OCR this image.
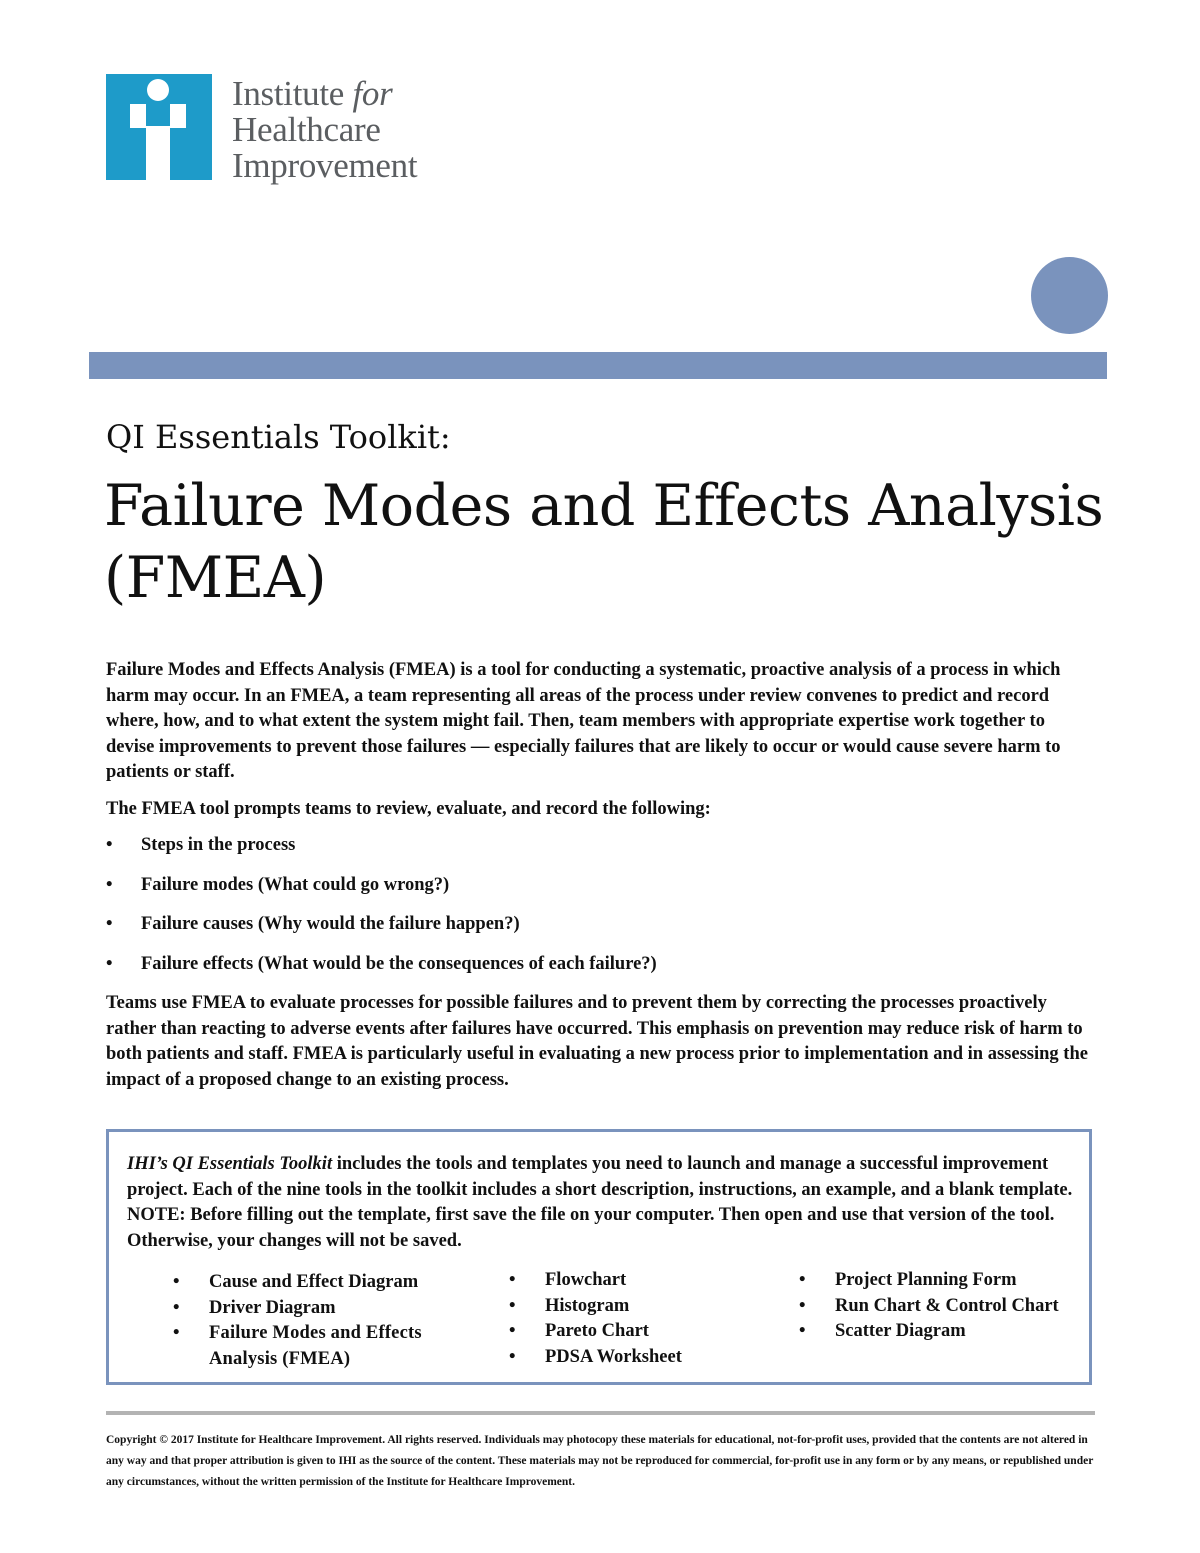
Institute for
Healthcare
Improvement
QI Essentials Toolkit:
Failure Modes and Effects Analysis (FMEA)

Failure Modes and Effects Analysis (FMEA) is a tool for conducting a systematic, proactive analysis of a process in which harm may occur. In an FMEA, a team representing all areas of the process under review convenes to predict and record where, how, and to what extent the system might fail. Then, team members with appropriate expertise work together to devise improvements to prevent those failures — especially failures that are likely to occur or would cause severe harm to patients or staff.

The FMEA tool prompts teams to review, evaluate, and record the following:

• Steps in the process
• Failure modes (What could go wrong?)
• Failure causes (Why would the failure happen?)
• Failure effects (What would be the consequences of each failure?)

Teams use FMEA to evaluate processes for possible failures and to prevent them by correcting the processes proactively rather than reacting to adverse events after failures have occurred. This emphasis on prevention may reduce risk of harm to both patients and staff. FMEA is particularly useful in evaluating a new process prior to implementation and in assessing the impact of a proposed change to an existing process.

IHI’s QI Essentials Toolkit includes the tools and templates you need to launch and manage a successful improvement project. Each of the nine tools in the toolkit includes a short description, instructions, an example, and a blank template. NOTE: Before filling out the template, first save the file on your computer. Then open and use that version of the tool. Otherwise, your changes will not be saved.
• Cause and Effect Diagram
• Driver Diagram
• Failure Modes and Effects Analysis (FMEA)
• Flowchart
• Histogram
• Pareto Chart
• PDSA Worksheet
• Project Planning Form
• Run Chart & Control Chart
• Scatter Diagram
Copyright © 2017 Institute for Healthcare Improvement. All rights reserved. Individuals may photocopy these materials for educational, not-for-profit uses, provided that the contents are not altered in any way and that proper attribution is given to IHI as the source of the content. These materials may not be reproduced for commercial, for-profit use in any form or by any means, or republished under any circumstances, without the written permission of the Institute for Healthcare Improvement.
